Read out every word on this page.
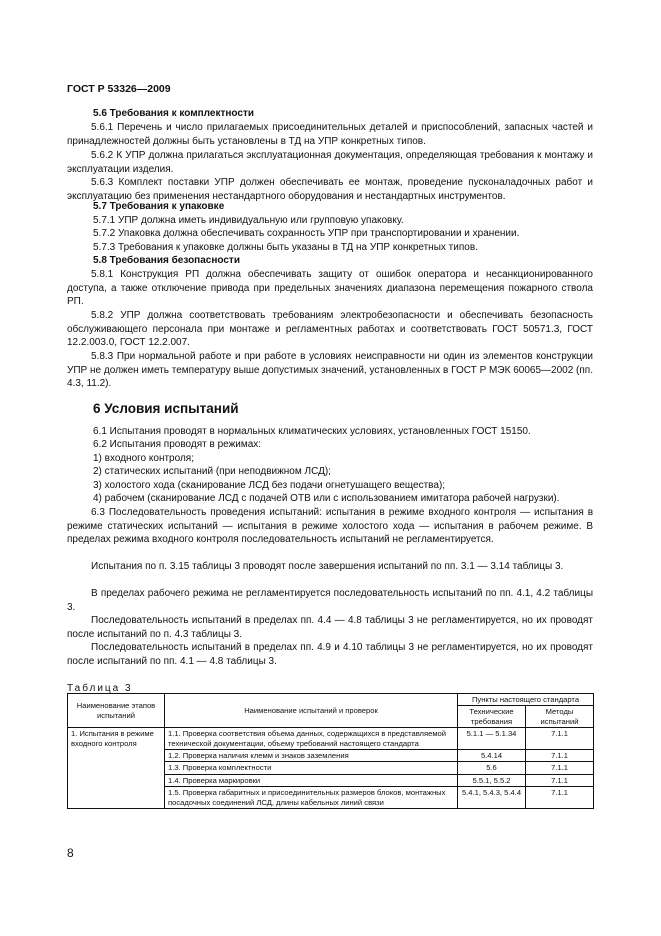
ГОСТ Р 53326—2009
5.6 Требования к комплектности
5.6.1 Перечень и число прилагаемых присоединительных деталей и приспособлений, запасных частей и принадлежностей должны быть установлены в ТД на УПР конкретных типов.
5.6.2 К УПР должна прилагаться эксплуатационная документация, определяющая требования к монтажу и эксплуатации изделия.
5.6.3 Комплект поставки УПР должен обеспечивать ее монтаж, проведение пусконаладочных работ и эксплуатацию без применения нестандартного оборудования и нестандартных инструментов.
5.7 Требования к упаковке
5.7.1 УПР должна иметь индивидуальную или групповую упаковку.
5.7.2 Упаковка должна обеспечивать сохранность УПР при транспортировании и хранении.
5.7.3 Требования к упаковке должны быть указаны в ТД на УПР конкретных типов.
5.8 Требования безопасности
5.8.1 Конструкция РП должна обеспечивать защиту от ошибок оператора и несанкционированного доступа, а также отключение привода при предельных значениях диапазона перемещения пожарного ствола РП.
5.8.2 УПР должна соответствовать требованиям электробезопасности и обеспечивать безопасность обслуживающего персонала при монтаже и регламентных работах и соответствовать ГОСТ 50571.3, ГОСТ 12.2.003.0, ГОСТ 12.2.007.
5.8.3 При нормальной работе и при работе в условиях неисправности ни один из элементов конструкции УПР не должен иметь температуру выше допустимых значений, установленных в ГОСТ Р МЭК 60065—2002 (пп. 4.3, 11.2).
6 Условия испытаний
6.1 Испытания проводят в нормальных климатических условиях, установленных ГОСТ 15150.
6.2 Испытания проводят в режимах:
1) входного контроля;
2) статических испытаний (при неподвижном ЛСД);
3) холостого хода (сканирование ЛСД без подачи огнетушащего вещества);
4) рабочем (сканирование ЛСД с подачей ОТВ или с использованием имитатора рабочей нагрузки).
6.3 Последовательность проведения испытаний: испытания в режиме входного контроля — испытания в режиме статических испытаний — испытания в режиме холостого хода — испытания в рабочем режиме. В пределах режима входного контроля последовательность испытаний не регламентируется.
Испытания по п. 3.15 таблицы 3 проводят после завершения испытаний по пп. 3.1 — 3.14 таблицы 3.
В пределах рабочего режима не регламентируется последовательность испытаний по пп. 4.1, 4.2 таблицы 3.
Последовательность испытаний в пределах пп. 4.4 — 4.8 таблицы 3 не регламентируется, но их проводят после испытаний по п. 4.3 таблицы 3.
Последовательность испытаний в пределах пп. 4.9 и 4.10 таблицы 3 не регламентируется, но их проводят после испытаний по пп. 4.1 — 4.8 таблицы 3.
Таблица 3
Наименование этапов испытаний	Наименование испытаний и проверок	Пункты настоящего стандарта	
		Технические требования	Методы испытаний
1. Испытания в режиме входного контроля	1.1. Проверка соответствия объема данных, содержащихся в представляемой технической документации, объему требований настоящего стандарта	5.1.1 — 5.1.34	7.1.1
	1.2. Проверка наличия клемм и знаков заземления	5.4.14	7.1.1
	1.3. Проверка комплектности	5.6	7.1.1
	1.4. Проверка маркировки	5.5.1, 5.5.2	7.1.1
	1.5. Проверка габаритных и присоединительных размеров блоков, монтажных посадочных соединений ЛСД, длины кабельных линий связи	5.4.1, 5.4.3, 5.4.4	7.1.1
8
